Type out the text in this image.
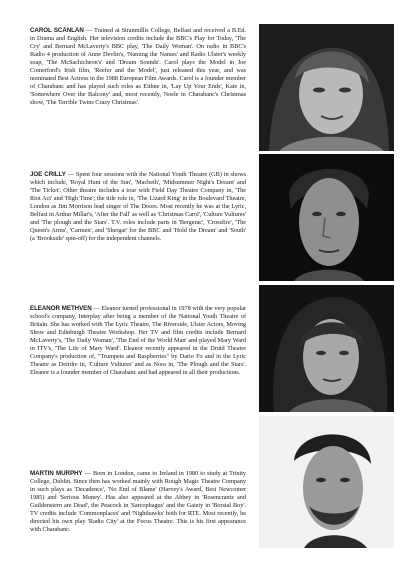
CAROL SCANLAN — Trained at Stranmillis College, Belfast and received a B.Ed. in Drama and English. Her television credits include the BBC's Play for Today, 'The Cry' and Bernard McLaverty's BBC play, 'The Daily Woman'. On radio in BBC's Radio 4 production of Anne Devlin's, 'Naming the Names' and Radio Ulster's weekly soap, 'The McSachicheon's' and 'Dream Sounds'. Carol plays the Model in Joe Comerford's Irish film, 'Reefer and the Model', just released this year, and was nominated Best Actress in the 1988 European Film Awards. Carol is a founder member of Charabanc and has played such roles as Eithne in, 'Lay Up Your Ends', Kate in, 'Somewhere Over the Balcony' and, most recently, Noele in Charabanc's Christmas show, 'The Terrible Twins Crazy Christmas'.

JOE CRILLY — Spent four sessions with the National Youth Theatre (GB) in shows which include, 'Royal Hunt of the Sun', 'Macbeth', 'Midsummer Night's Dream' and 'The Ticket'. Other theatre includes a tour with Field Day Theatre Company in, 'The Riot Act' and 'High Time'; the title role in, 'The Lizard King' in the Boulevard Theatre, London as Jim Morrison lead singer of The Doors. Most recently he was at the Lyric, Belfast in Arthur Millar's, 'After the Fall' as well as 'Christmas Carol', 'Culture Vultures' and 'The plough and the Stars'. T.V. roles include parts in 'Bergerac', 'Crossfire', 'The Queen's Arms', 'Carmen', and 'Shergar' for the BBC and 'Hold the Dream' and 'South' (a 'Brookside' spin-off) for the independent channels.

ELEANOR METHVEN — Eleanor turned professional in 1978 with the very popular school's company, Interplay after being a member of the National Youth Theatre of Britain. She has worked with The Lyric Theatre, The Riverside, Ulster Actors, Moving Show and Edinburgh Theatre Workshop. Her TV and film credits include Bernard McLaverty's, 'The Daily Woman', 'The End of the World Man' and played Mary Ward in ITV's, 'The Life of Mary Ward'. Eleanor recently appeared in the Druid Theatre Company's production of, "Trumpets and Raspberries" by Dario Fo and in the Lyric Theatre as Deirdre in, 'Culture Vultures' and as Nora in, 'The Plough and the Stars'. Eleanor is a founder member of Charabanc and had appeared in all their productions.

MARTIN MURPHY — Born in London, came to Ireland in 1980 to study at Trinity College, Dublin. Since then has worked mainly with Rough Magic Theatre Company in such plays as 'Decadence', 'No End of Blame' (Harvey's Award, Best Newcomer 1985) and 'Serious Money'. Has also appeared at the Abbey in 'Rosencrantz and Guildenstern are Dead', the Peacock in 'Sarcophagus' and the Gaiety in 'Borstal Boy'. TV credits include 'Commonplaces' and 'Nighthawks' both for RTE. Most recently, he directed his own play 'Radio City' at the Focus Theatre. This is his first appearance with Charabanc.
